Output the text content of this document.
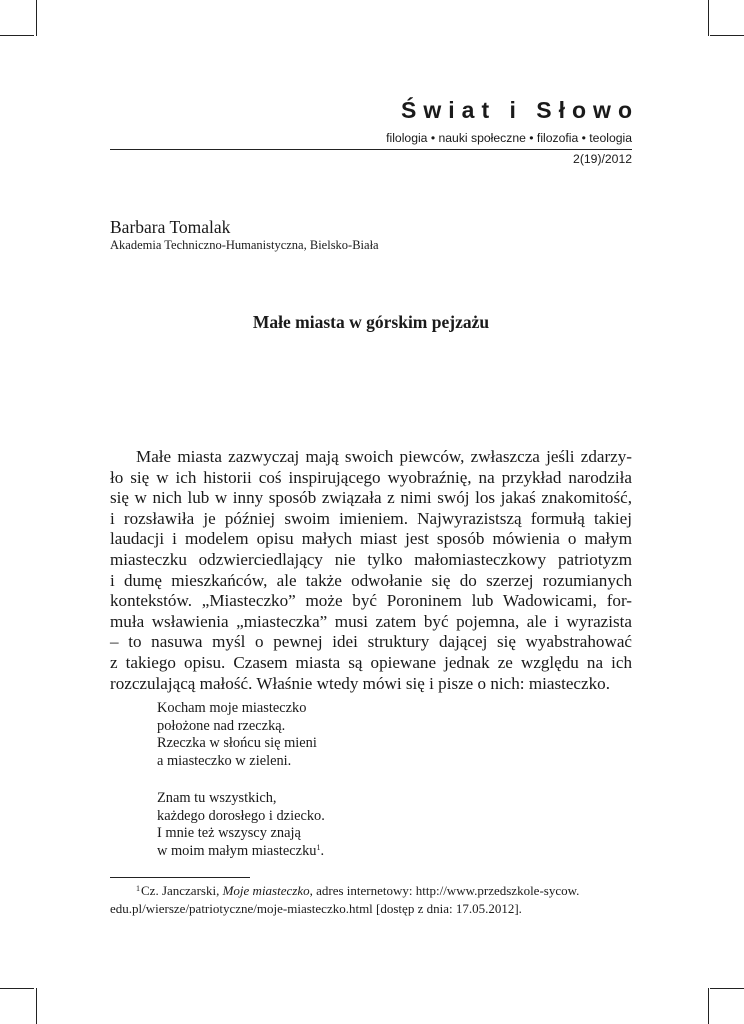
Świat i Słowo
filologia • nauki społeczne • filozofia • teologia
2(19)/2012
Barbara Tomalak
Akademia Techniczno-Humanistyczna, Bielsko-Biała
Małe miasta w górskim pejzażu
Małe miasta zazwyczaj mają swoich piewców, zwłaszcza jeśli zdarzy-
ło się w ich historii coś inspirującego wyobraźnię, na przykład narodziła
się w nich lub w inny sposób związała z nimi swój los jakaś znakomitość,
i rozsławiła je później swoim imieniem. Najwyrazistszą formułą takiej
laudacji i modelem opisu małych miast jest sposób mówienia o małym
miasteczku odzwierciedlający nie tylko małomiasteczkowy patriotyzm
i dumę mieszkańców, ale także odwołanie się do szerzej rozumianych
kontekstów. „Miasteczko” może być Poroninem lub Wadowicami, for-
muła wsławienia „miasteczka” musi zatem być pojemna, ale i wyrazista
– to nasuwa myśl o pewnej idei struktury dającej się wyabstrahować
z takiego opisu. Czasem miasta są opiewane jednak ze względu na ich
rozczulającą małość. Właśnie wtedy mówi się i pisze o nich: miasteczko.
Kocham moje miasteczko
położone nad rzeczką.
Rzeczka w słońcu się mieni
a miasteczko w zieleni.
Znam tu wszystkich,
każdego dorosłego i dziecko.
I mnie też wszyscy znają
w moim małym miasteczku$^1$.
$^1$Cz. Janczarski, Moje miasteczko, adres internetowy: http://www.przedszkole-sycow.
edu.pl/wiersze/patriotyczne/moje-miasteczko.html [dostęp z dnia: 17.05.2012].
